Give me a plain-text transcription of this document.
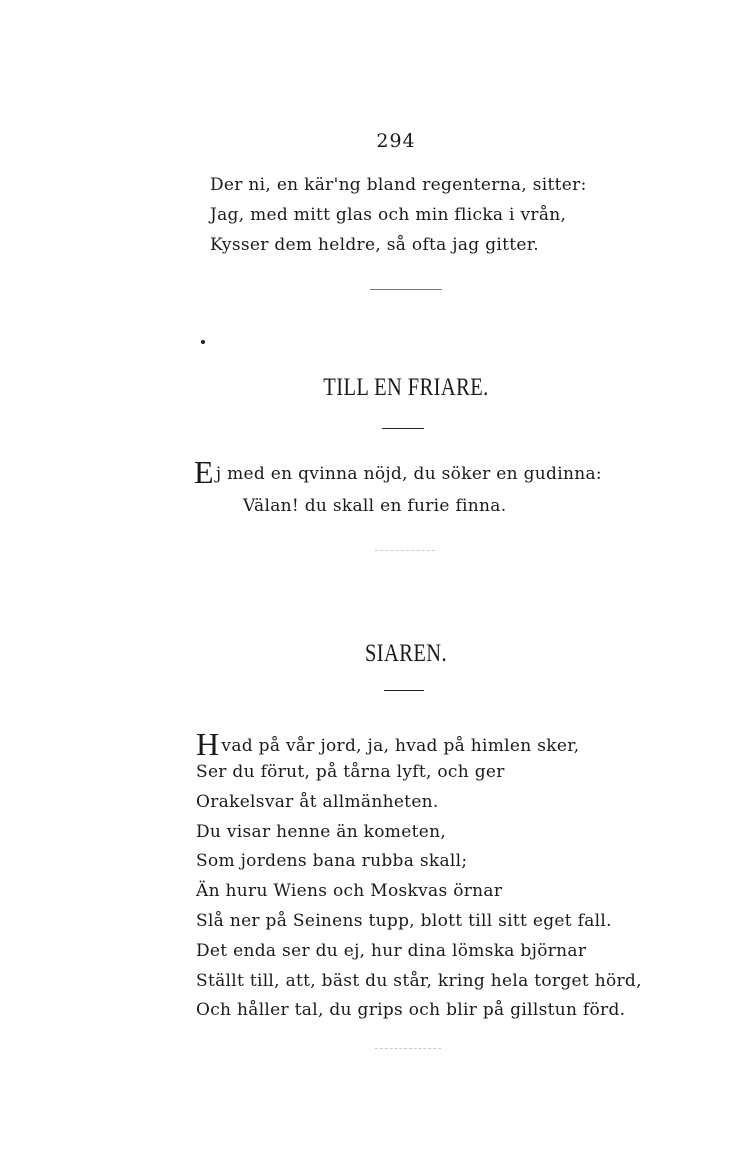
294
Der ni, en kär'ng bland regenterna, sitter:
Jag, med mitt glas och min flicka i vrån,
Kysser dem heldre, så ofta jag gitter.
TILL EN FRIARE.
Ej med en qvinna nöjd, du söker en gudinna:
Välan! du skall en furie finna.
SIAREN.
Hvad på vår jord, ja, hvad på himlen sker,
Ser du förut, på tårna lyft, och ger
Orakelsvar åt allmänheten.
Du visar henne än kometen,
Som jordens bana rubba skall;
Än huru Wiens och Moskvas örnar
Slå ner på Seinens tupp, blott till sitt eget fall.
Det enda ser du ej, hur dina lömska björnar
Ställt till, att, bäst du står, kring hela torget hörd,
Och håller tal, du grips och blir på gillstun förd.
